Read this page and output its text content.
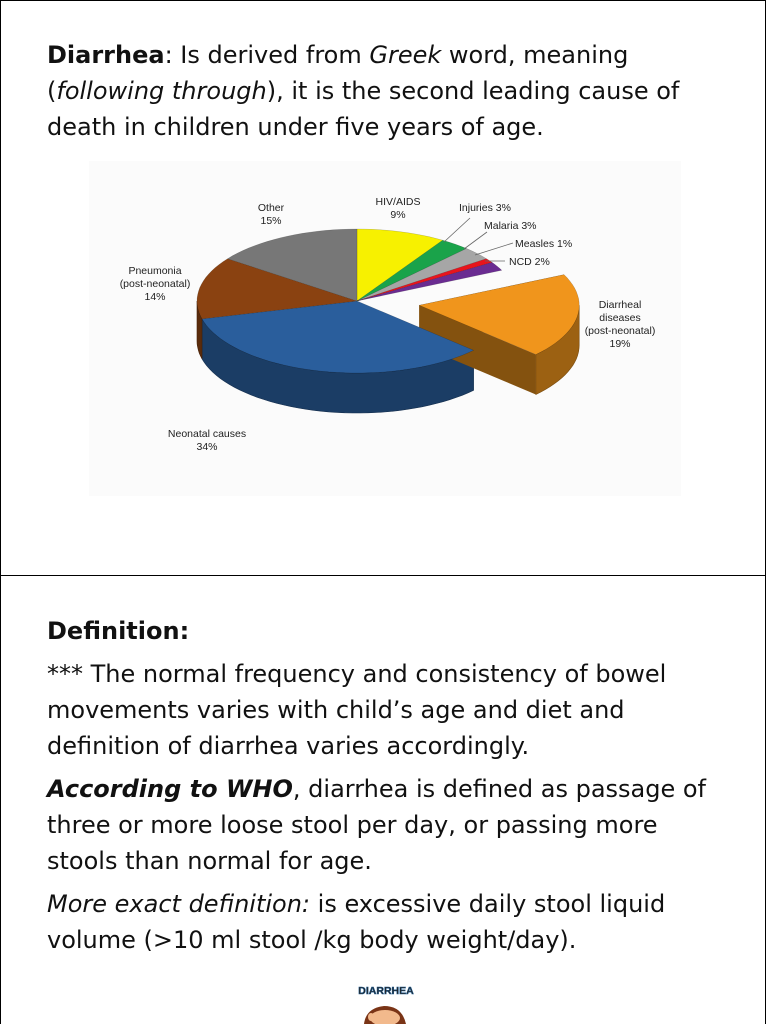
Diarrhea: Is derived from Greek word, meaning (following through), it is the second leading cause of death in children under five years of age.

Other
15%
HIV/AIDS
9%
Injuries 3%
Malaria 3%
Measles 1%
NCD 2%
Diarrheal
diseases
(post-neonatal)
19%
Pneumonia
(post-neonatal)
14%
Neonatal causes
34%

Definition:

*** The normal frequency and consistency of bowel movements varies with child’s age and diet and definition of diarrhea varies accordingly.

According to WHO, diarrhea is defined as passage of three or more loose stool per day, or passing more stools than normal for age.

More exact definition: is excessive daily stool liquid volume (>10 ml stool /kg body weight/day).

DIARRHEA
